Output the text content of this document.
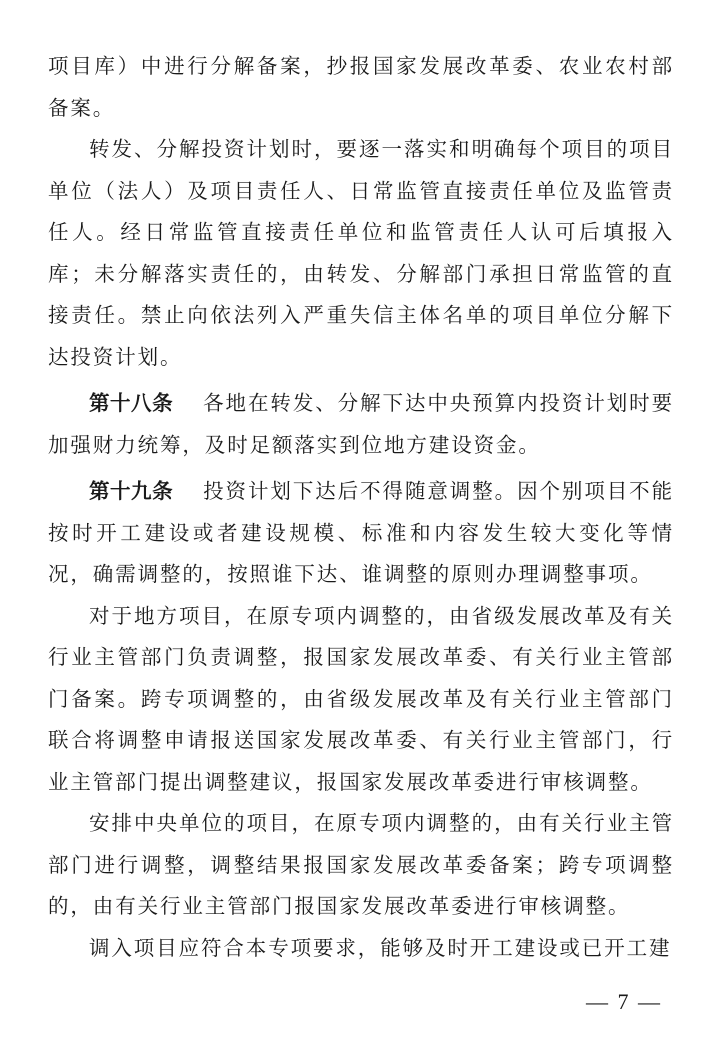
项目库）中进行分解备案，抄报国家发展改革委、农业农村部备案。

转发、分解投资计划时，要逐一落实和明确每个项目的项目单位（法人）及项目责任人、日常监管直接责任单位及监管责任人。经日常监管直接责任单位和监管责任人认可后填报入库；未分解落实责任的，由转发、分解部门承担日常监管的直接责任。禁止向依法列入严重失信主体名单的项目单位分解下达投资计划。

第十八条 各地在转发、分解下达中央预算内投资计划时要加强财力统筹，及时足额落实到位地方建设资金。

第十九条 投资计划下达后不得随意调整。因个别项目不能按时开工建设或者建设规模、标准和内容发生较大变化等情况，确需调整的，按照谁下达、谁调整的原则办理调整事项。

对于地方项目，在原专项内调整的，由省级发展改革及有关行业主管部门负责调整，报国家发展改革委、有关行业主管部门备案。跨专项调整的，由省级发展改革及有关行业主管部门联合将调整申请报送国家发展改革委、有关行业主管部门，行业主管部门提出调整建议，报国家发展改革委进行审核调整。

安排中央单位的项目，在原专项内调整的，由有关行业主管部门进行调整，调整结果报国家发展改革委备案；跨专项调整的，由有关行业主管部门报国家发展改革委进行审核调整。

调入项目应符合本专项要求，能够及时开工建设或已开工建

— 7 —
